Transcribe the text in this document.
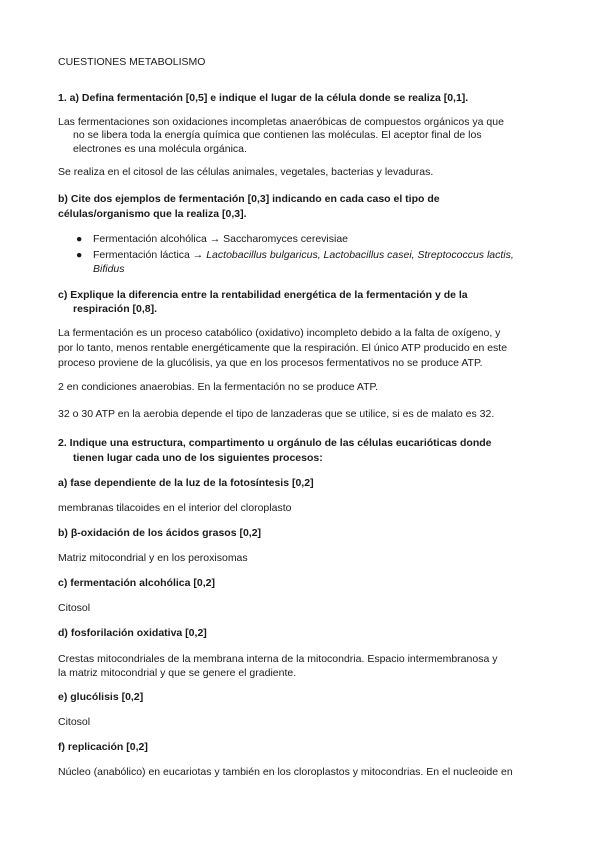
CUESTIONES METABOLISMO
1. a) Defina fermentación [0,5] e indique el lugar de la célula donde se realiza [0,1].
Las fermentaciones son oxidaciones incompletas anaeróbicas de compuestos orgánicos ya que
no se libera toda la energía química que contienen las moléculas. El aceptor final de los
electrones es una molécula orgánica.
Se realiza en el citosol de las células animales, vegetales, bacterias y levaduras.
b) Cite dos ejemplos de fermentación [0,3] indicando en cada caso el tipo de
células/organismo que la realiza [0,3].
● Fermentación alcohólica → Saccharomyces cerevisiae
● Fermentación láctica → Lactobacillus bulgaricus, Lactobacillus casei, Streptococcus lactis,
Bifidus
c) Explique la diferencia entre la rentabilidad energética de la fermentación y de la
respiración [0,8].
La fermentación es un proceso catabólico (oxidativo) incompleto debido a la falta de oxígeno, y
por lo tanto, menos rentable energéticamente que la respiración. El único ATP producido en este
proceso proviene de la glucólisis, ya que en los procesos fermentativos no se produce ATP.
2 en condiciones anaerobias. En la fermentación no se produce ATP.
32 o 30 ATP en la aerobia depende el tipo de lanzaderas que se utilice, si es de malato es 32.
2. Indique una estructura, compartimento u orgánulo de las células eucarióticas donde
tienen lugar cada uno de los siguientes procesos:
a) fase dependiente de la luz de la fotosíntesis [0,2]
membranas tilacoides en el interior del cloroplasto
b) β-oxidación de los ácidos grasos [0,2]
Matriz mitocondrial y en los peroxisomas
c) fermentación alcohólica [0,2]
Citosol
d) fosforilación oxidativa [0,2]
Crestas mitocondriales de la membrana interna de la mitocondria. Espacio intermembranosa y
la matriz mitocondrial y que se genere el gradiente.
e) glucólisis [0,2]
Citosol
f) replicación [0,2]
Núcleo (anabólico) en eucariotas y también en los cloroplastos y mitocondrias. En el nucleoide en
